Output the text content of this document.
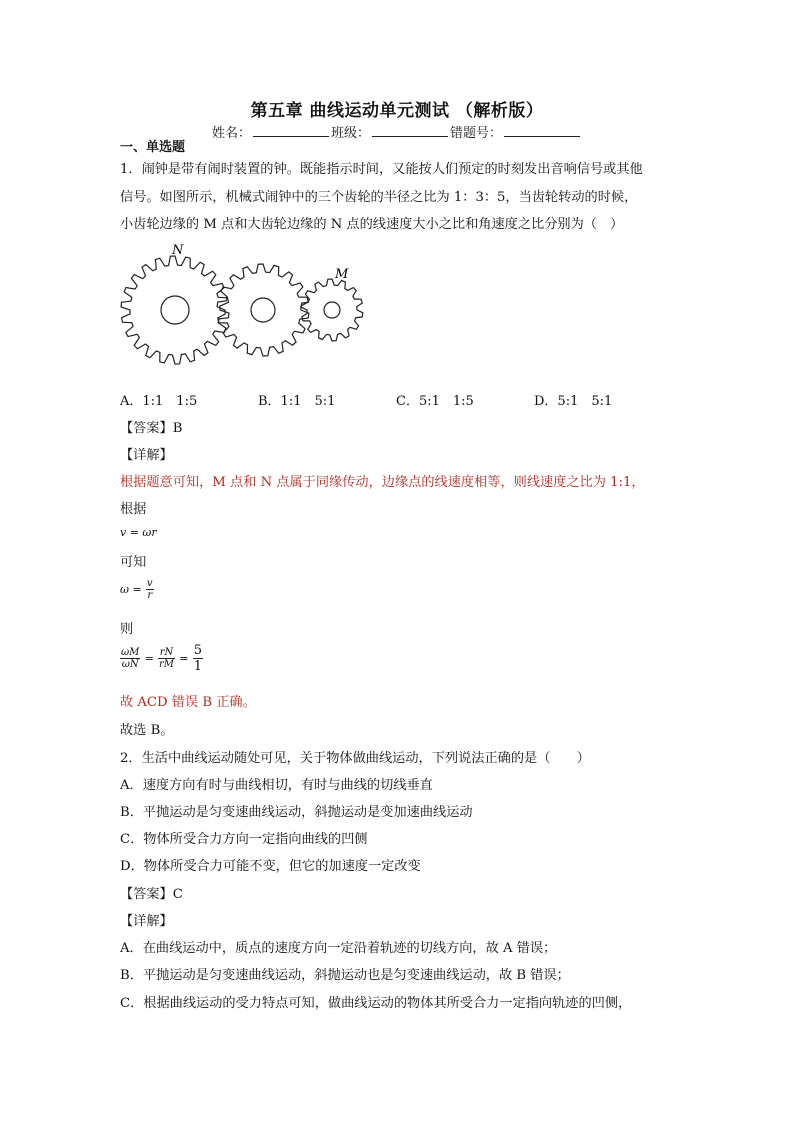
第五章 曲线运动单元测试 （解析版）
姓名：	班级：	错题号：
一、单选题
1．闹钟是带有闹时装置的钟。既能指示时间，又能按人们预定的时刻发出音响信号或其他
信号。如图所示，机械式闹钟中的三个齿轮的半径之比为 1：3：5，当齿轮转动的时候，
小齿轮边缘的 M 点和大齿轮边缘的 N 点的线速度大小之比和角速度之比分别为（　）
N
M
A．1:1　1:5	B．1:1　5:1	C．5:1　1:5	D．5:1　5:1
【答案】B
【详解】
根据题意可知，M 点和 N 点属于同缘传动，边缘点的线速度相等，则线速度之比为 1:1，
根据
v = ωr
可知
$\omega = \frac{v}{r}$
则
$\frac{\omega M}{\omega N} = \frac{rN}{rM} = \frac{5}{1}$
故 ACD 错误 B 正确。
故选 B。
2．生活中曲线运动随处可见，关于物体做曲线运动，下列说法正确的是（　　）
A．速度方向有时与曲线相切，有时与曲线的切线垂直
B．平抛运动是匀变速曲线运动，斜抛运动是变加速曲线运动
C．物体所受合力方向一定指向曲线的凹侧
D．物体所受合力可能不变，但它的加速度一定改变
【答案】C
【详解】
A．在曲线运动中，质点的速度方向一定沿着轨迹的切线方向，故 A 错误；
B．平抛运动是匀变速曲线运动，斜抛运动也是匀变速曲线运动，故 B 错误；
C．根据曲线运动的受力特点可知，做曲线运动的物体其所受合力一定指向轨迹的凹侧，
